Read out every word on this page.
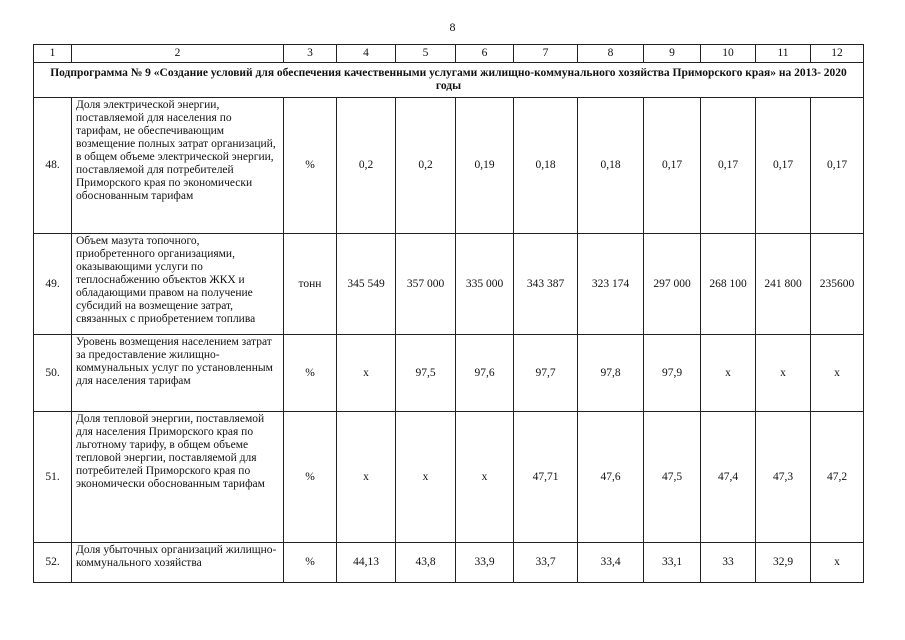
8
1	2	3	4	5	6	7	8	9	10	11	12
Подпрограмма № 9 «Создание условий для обеспечения качественными услугами жилищно-коммунального хозяйства Приморского края» на 2013- 2020 годы											
48.	Доля электрической энергии, поставляемой для населения по тарифам, не обеспечивающим возмещение полных затрат организаций, в общем объеме электрической энергии, поставляемой для потребителей Приморского края по экономически обоснованным тарифам	%	0,2	0,2	0,19	0,18	0,18	0,17	0,17	0,17	0,17
49.	Объем мазута топочного, приобретенного организациями, оказывающими услуги по теплоснабжению объектов ЖКХ и обладающими правом на получение субсидий на возмещение затрат, связанных с приобретением топлива	тонн	345 549	357 000	335 000	343 387	323 174	297 000	268 100	241 800	235600
50.	Уровень возмещения населением затрат за предоставление жилищно-коммунальных услуг по установленным для населения тарифам	%	х	97,5	97,6	97,7	97,8	97,9	х	х	х
51.	Доля тепловой энергии, поставляемой для населения Приморского края по льготному тарифу, в общем объеме тепловой энергии, поставляемой для потребителей Приморского края по экономически обоснованным тарифам	%	х	х	х	47,71	47,6	47,5	47,4	47,3	47,2
52.	Доля убыточных организаций жилищно-коммунального хозяйства	%	44,13	43,8	33,9	33,7	33,4	33,1	33	32,9	х
